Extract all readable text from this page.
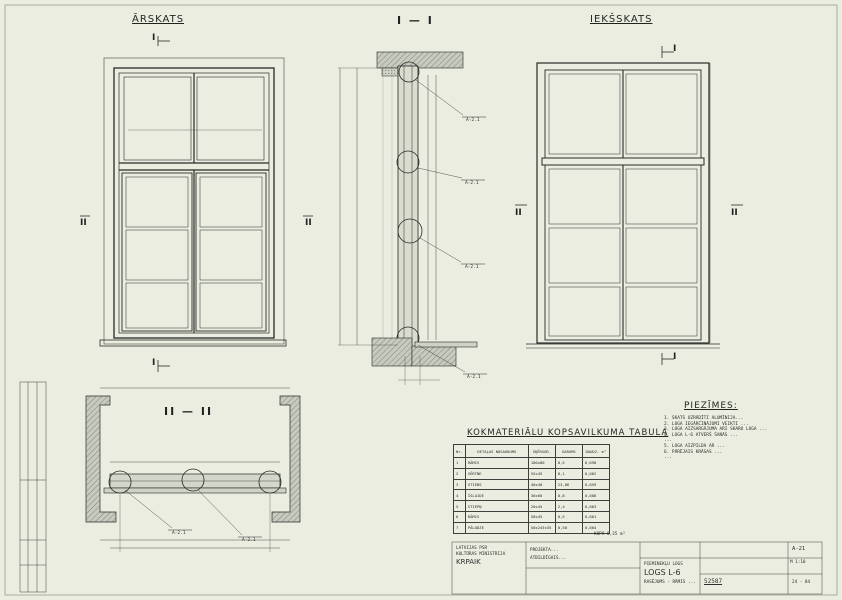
ĀRSKATS	I — I	IEKŠSKATS
II — II
I
I
II	II
I
I
II	II
A-2.1
A-2.1
A-2.1
A-2.1
A-2.1
A-2.1
PIEZĪMES:
1. SKATS UZRĀDĪTI ALUMĪNIJA...
2. LOGA IEGĀRČINĀJUMI VEIKTI ...
3. LOGA AIZSARGĀJUMA ARI SKARO LOGA ...
4. LOGA L-6 ATVERŠ ŠANĀS ...
...
5. LOGA AIZPILDA AR ...
6. PĀRĒJAIS KRĀSAS ...
...
KOKMATERIĀLU KOPSAVILKUMA TABULA
Nr.	DETAĻAS NOSAUKUMS	ŠĶĒRSGR.	GARUMS	DAUDZ. m³
1	RĀMIS	180x80	8,5	0,098
2	VĒRTNE	55x45	8,1	0,062
3	STIEBS	40x40	23,86	0,059
4	ĪSLAIDE	30x60	0,8	0,008
5	STIEPŅ	20x45	2,4	0,003
6	RĀMIS	50x45	0,5	0,001
7	PĀLODZE	50x245x35	0,58	0,004
KOPĀ 0,35 m³
LATVIJAS PSR
KULTŪRAS MINISTRIJA
KRPAIK
PROJEKTA...
ATBILDĪGAIS...
PIEMINEKĻU LOGS
LOGS L-6
RASĒJUMS - RĀMIS ...
A-21
M 1:10
52587	24 - 84
